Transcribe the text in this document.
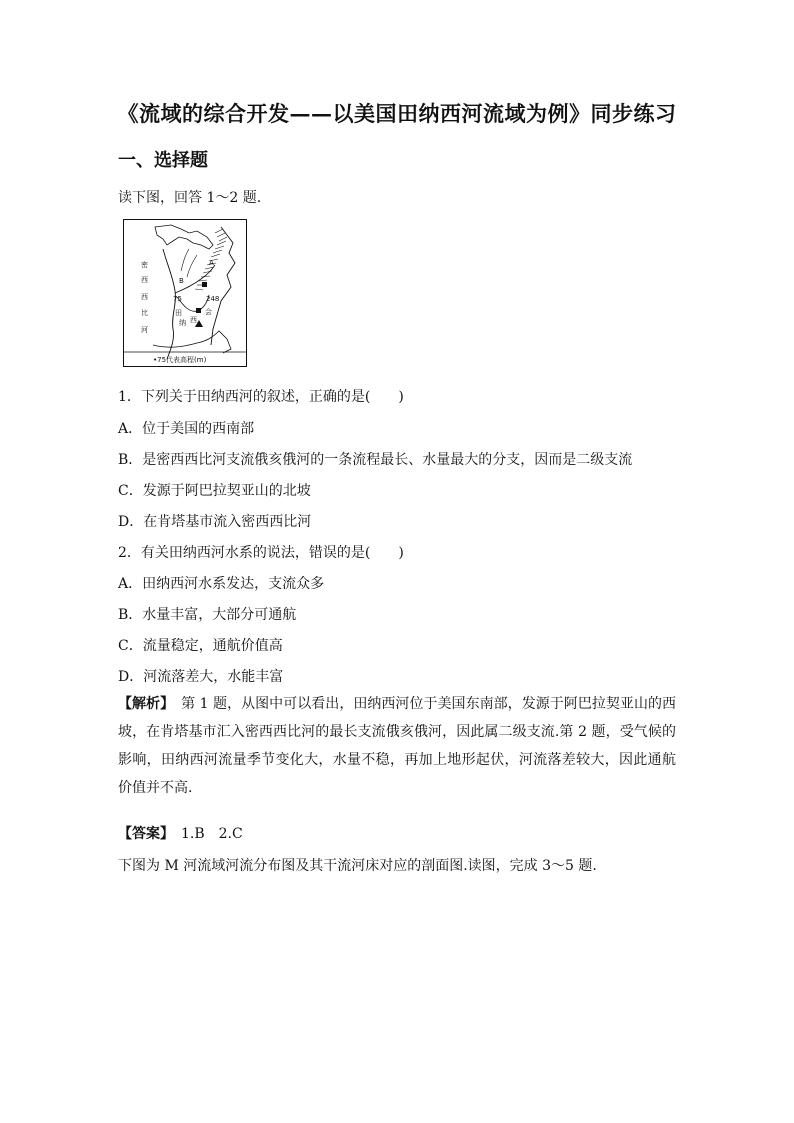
《流域的综合开发——以美国田纳西河流域为例》同步练习
一、选择题
读下图，回答 1～2 题.
密
西
西
比
河
B
A
75	248
田
纳 西
会
•75代表高程(m)
1．下列关于田纳西河的叙述，正确的是(　　)
A．位于美国的西南部
B．是密西西比河支流俄亥俄河的一条流程最长、水量最大的分支，因而是二级支流
C．发源于阿巴拉契亚山的北坡
D．在肯塔基市流入密西西比河
2．有关田纳西河水系的说法，错误的是(　　)
A．田纳西河水系发达，支流众多
B．水量丰富，大部分可通航
C．流量稳定，通航价值高
D．河流落差大，水能丰富
【解析】　第 1 题，从图中可以看出，田纳西河位于美国东南部，发源于阿巴拉契亚山的西坡，在肯塔基市汇入密西西比河的最长支流俄亥俄河，因此属二级支流.第 2 题，受气候的影响，田纳西河流量季节变化大，水量不稳，再加上地形起伏，河流落差较大，因此通航价值并不高.
【答案】　1.B　2.C
下图为 M 河流域河流分布图及其干流河床对应的剖面图.读图，完成 3～5 题.
